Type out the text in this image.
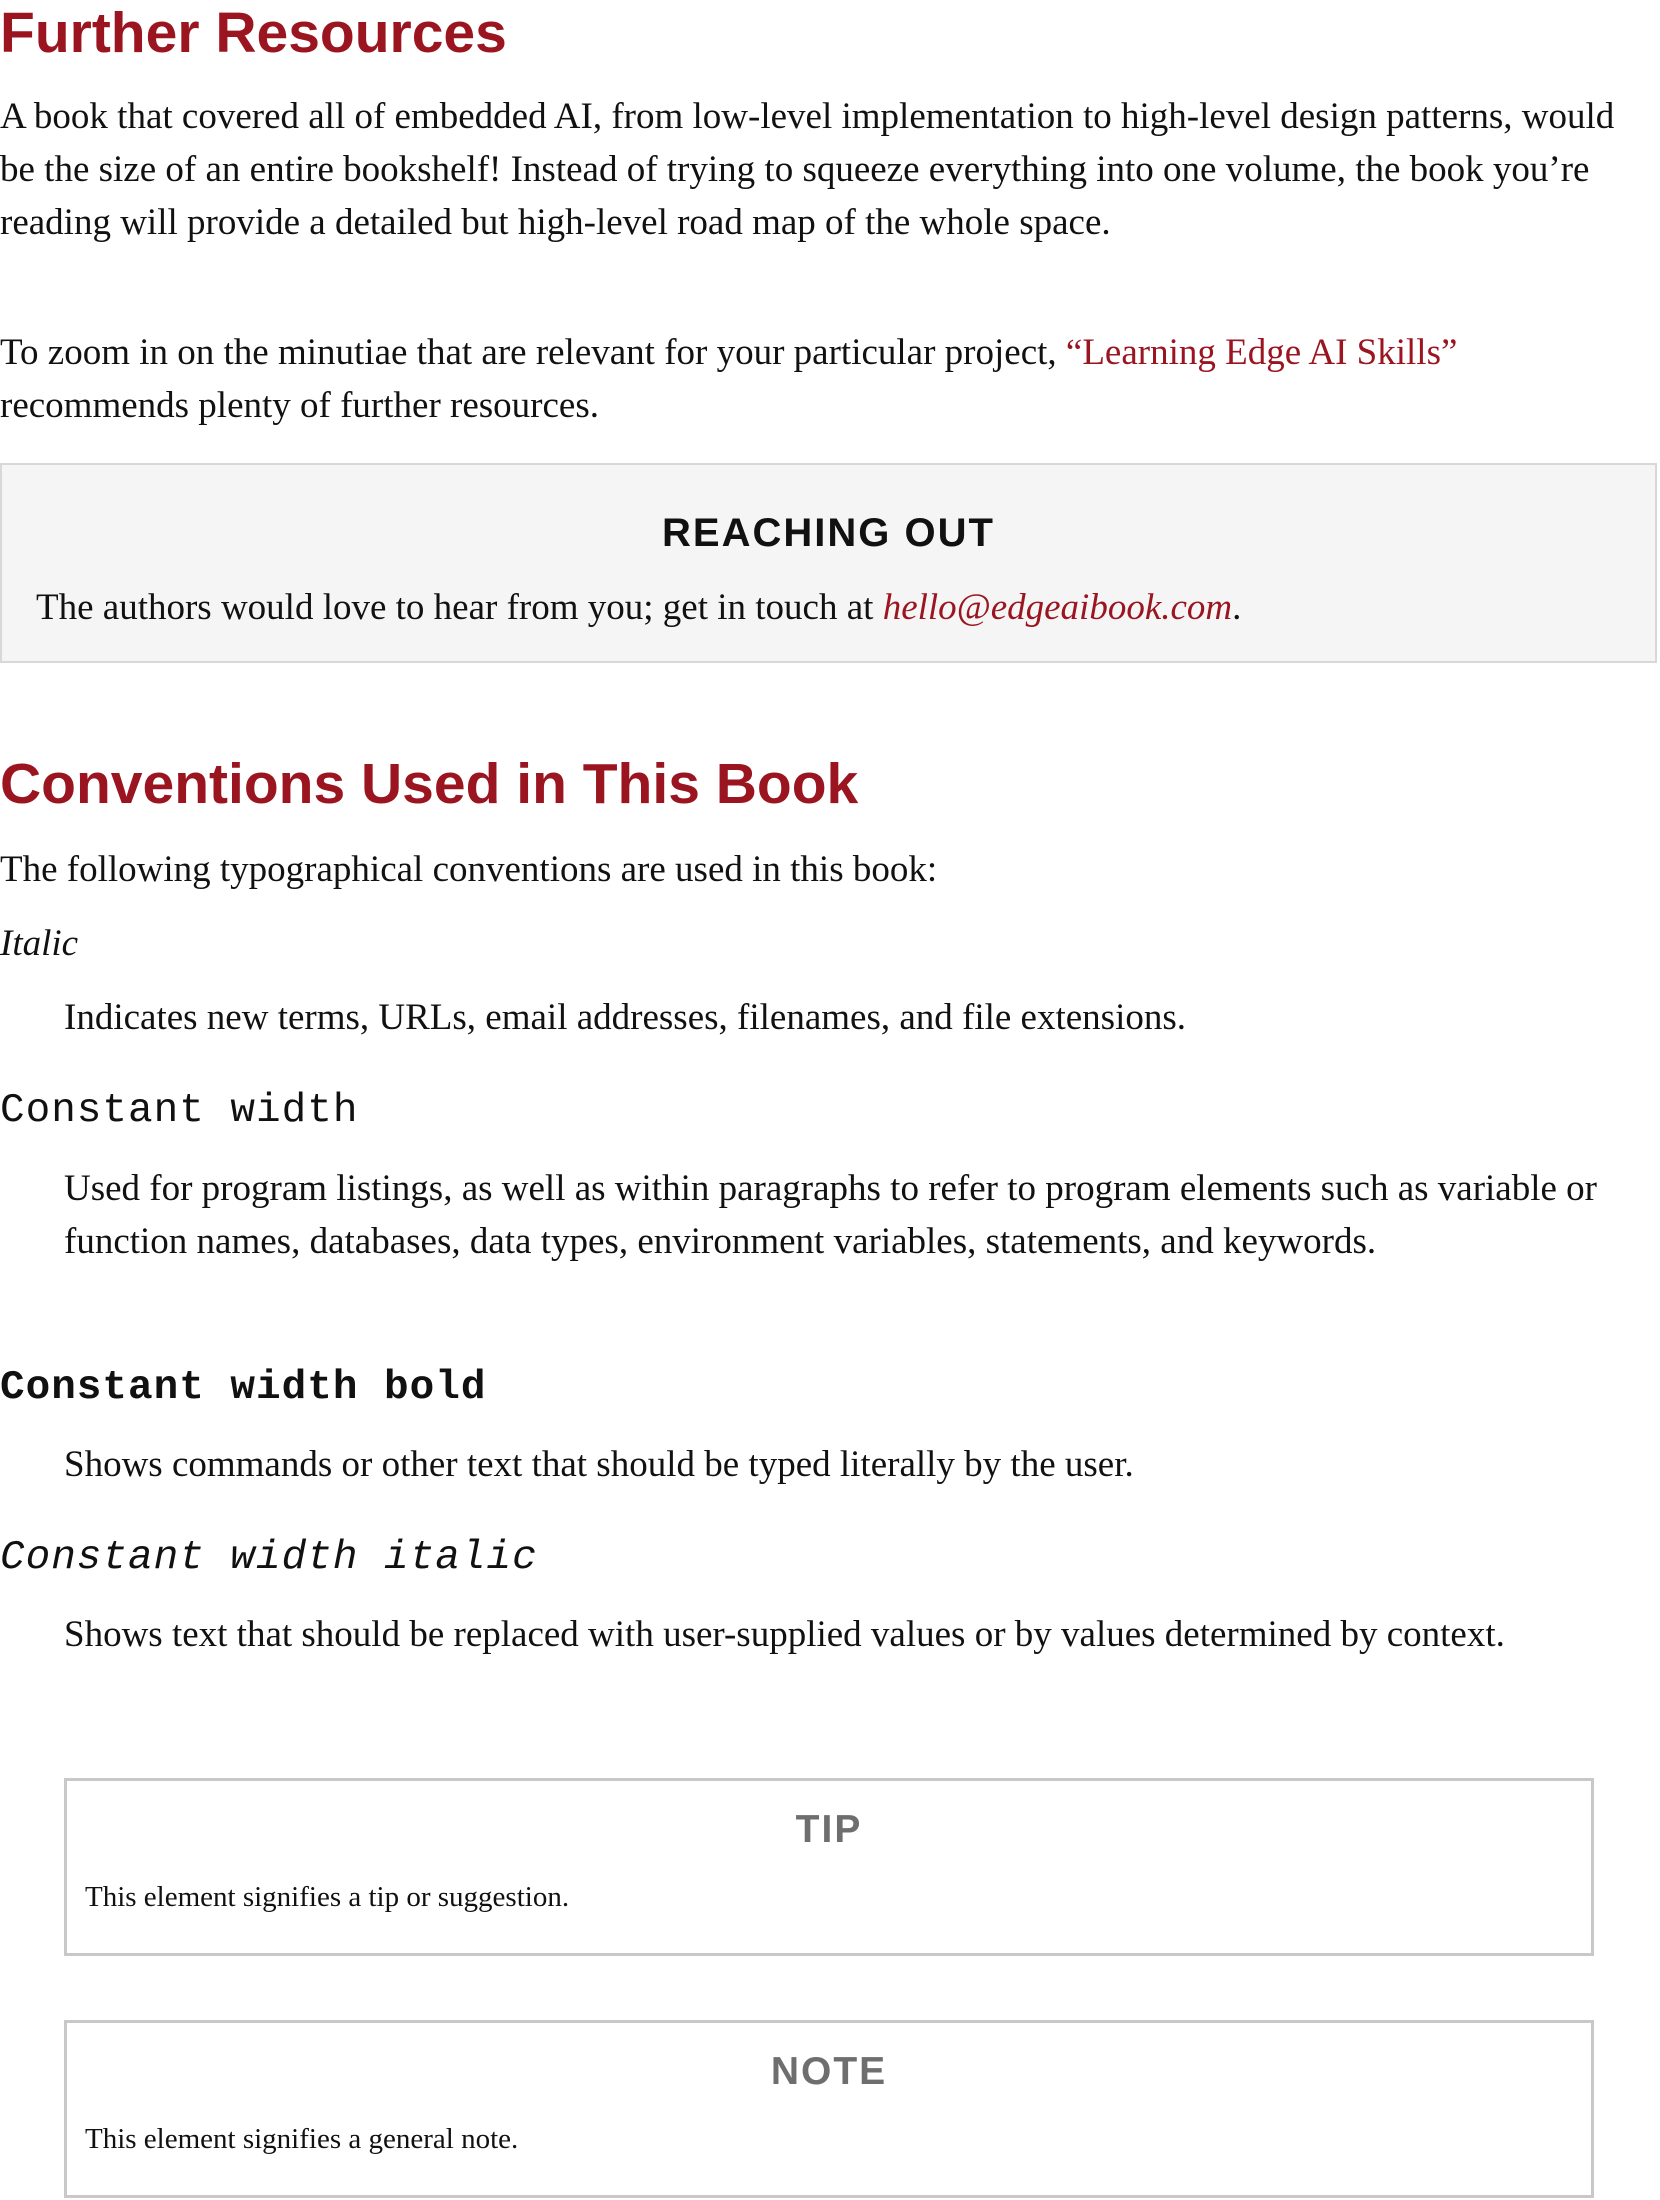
Further Resources

A book that covered all of embedded AI, from low-level implementation to high-level design patterns, would be the size of an entire bookshelf! Instead of trying to squeeze everything into one volume, the book you’re reading will provide a detailed but high-level road map of the whole space.

To zoom in on the minutiae that are relevant for your particular project, “Learning Edge AI Skills” recommends plenty of further resources.

REACHING OUT

The authors would love to hear from you; get in touch at hello@edgeaibook.com.

Conventions Used in This Book

The following typographical conventions are used in this book:

Italic

Indicates new terms, URLs, email addresses, filenames, and file extensions.

Constant width

Used for program listings, as well as within paragraphs to refer to program elements such as variable or function names, databases, data types, environment variables, statements, and keywords.

Constant width bold

Shows commands or other text that should be typed literally by the user.

Constant width italic

Shows text that should be replaced with user-supplied values or by values determined by context.

TIP

This element signifies a tip or suggestion.

NOTE

This element signifies a general note.
